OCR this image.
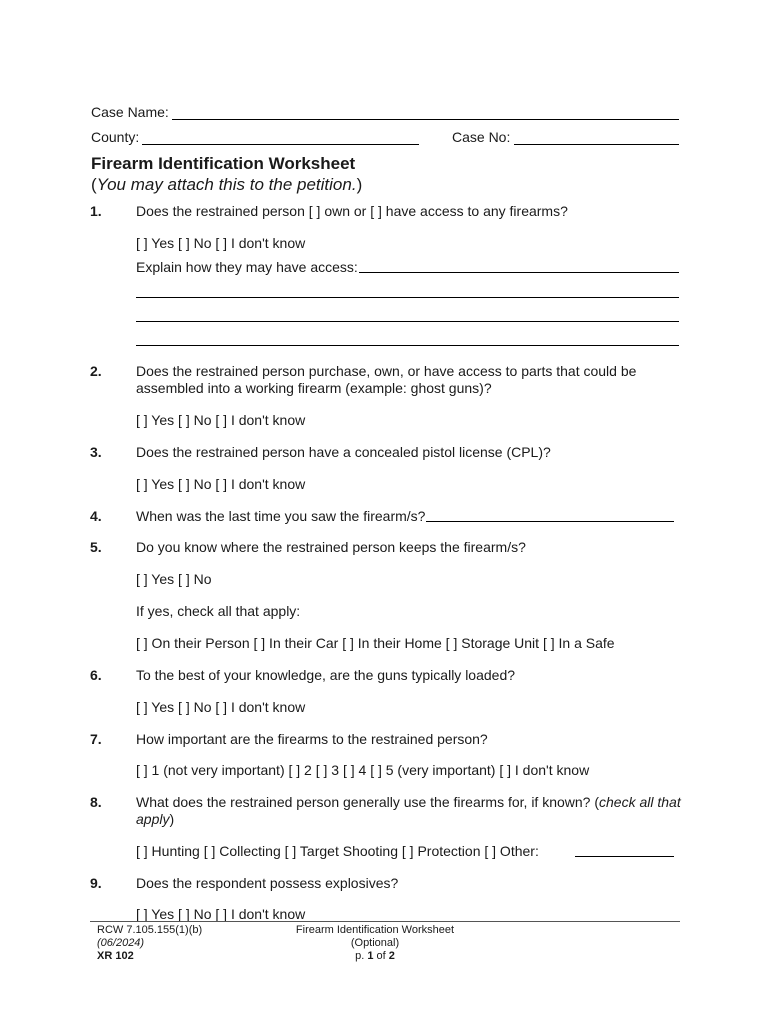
Case Name:
County:	Case No:
Firearm Identification Worksheet
(You may attach this to the petition.)
1. Does the restrained person [ ] own or [ ] have access to any firearms?
[ ] Yes [ ] No [ ] I don't know
Explain how they may have access:
2. Does the restrained person purchase, own, or have access to parts that could be
assembled into a working firearm (example: ghost guns)?
[ ] Yes [ ] No [ ] I don't know
3. Does the restrained person have a concealed pistol license (CPL)?
[ ] Yes [ ] No [ ] I don't know
4. When was the last time you saw the firearm/s?
5. Do you know where the restrained person keeps the firearm/s?
[ ] Yes [ ] No
If yes, check all that apply:
[ ] On their Person [ ] In their Car [ ] In their Home [ ] Storage Unit [ ] In a Safe
6. To the best of your knowledge, are the guns typically loaded?
[ ] Yes [ ] No [ ] I don't know
7. How important are the firearms to the restrained person?
[ ] 1 (not very important) [ ] 2 [ ] 3 [ ] 4 [ ] 5 (very important) [ ] I don't know
8. What does the restrained person generally use the firearms for, if known? (check all that
apply)
[ ] Hunting [ ] Collecting [ ] Target Shooting [ ] Protection [ ] Other:
9. Does the respondent possess explosives?
[ ] Yes [ ] No [ ] I don't know
RCW 7.105.155(1)(b)
(06/2024)
XR 102
Firearm Identification Worksheet
(Optional)
p. 1 of 2
